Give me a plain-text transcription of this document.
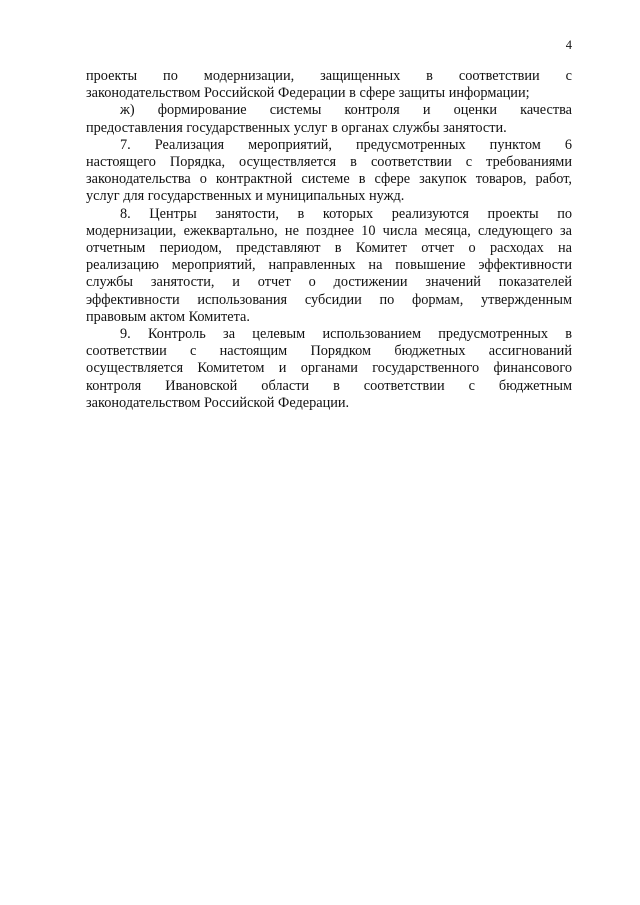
4

проекты по модернизации, защищенных в соответствии с
законодательством Российской Федерации в сфере защиты информации;

ж) формирование системы контроля и оценки качества
предоставления государственных услуг в органах службы занятости.

7. Реализация мероприятий, предусмотренных пунктом 6
настоящего Порядка, осуществляется в соответствии с требованиями
законодательства о контрактной системе в сфере закупок товаров, работ,
услуг для государственных и муниципальных нужд.

8. Центры занятости, в которых реализуются проекты по
модернизации, ежеквартально, не позднее 10 числа месяца, следующего за
отчетным периодом, представляют в Комитет отчет о расходах на
реализацию мероприятий, направленных на повышение эффективности
службы занятости, и отчет о достижении значений показателей
эффективности использования субсидии по формам, утвержденным
правовым актом Комитета.

9. Контроль за целевым использованием предусмотренных в
соответствии с настоящим Порядком бюджетных ассигнований
осуществляется Комитетом и органами государственного финансового
контроля Ивановской области в соответствии с бюджетным
законодательством Российской Федерации.
